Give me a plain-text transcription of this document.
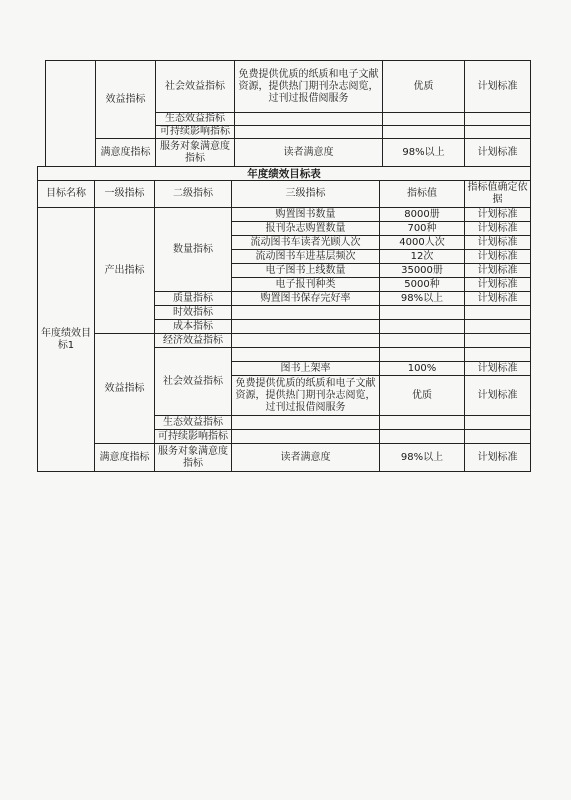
	效益指标	社会效益指标	免费提供优质的纸质和电子文献资源，提供热门期刊杂志阅览，过刊过报借阅服务	优质	计划标准
		生态效益指标			
		可持续影响指标			
	满意度指标	服务对象满意度指标	读者满意度	98%以上	计划标准
年度绩效目标表					
目标名称	一级指标	二级指标	三级指标	指标值	指标值确定依据
年度绩效目标1	产出指标	数量指标	购置图书数量	8000册	计划标准
			报刊杂志购置数量	700种	计划标准
			流动图书车读者光顾人次	4000人次	计划标准
			流动图书车进基层频次	12次	计划标准
			电子图书上线数量	35000册	计划标准
			电子报刊种类	5000种	计划标准
		质量指标	购置图书保存完好率	98%以上	计划标准
		时效指标			
		成本指标			
	效益指标	经济效益指标			
		社会效益指标			
			图书上架率	100%	计划标准
			免费提供优质的纸质和电子文献资源，提供热门期刊杂志阅览，过刊过报借阅服务	优质	计划标准
		生态效益指标			
		可持续影响指标			
	满意度指标	服务对象满意度指标	读者满意度	98%以上	计划标准
